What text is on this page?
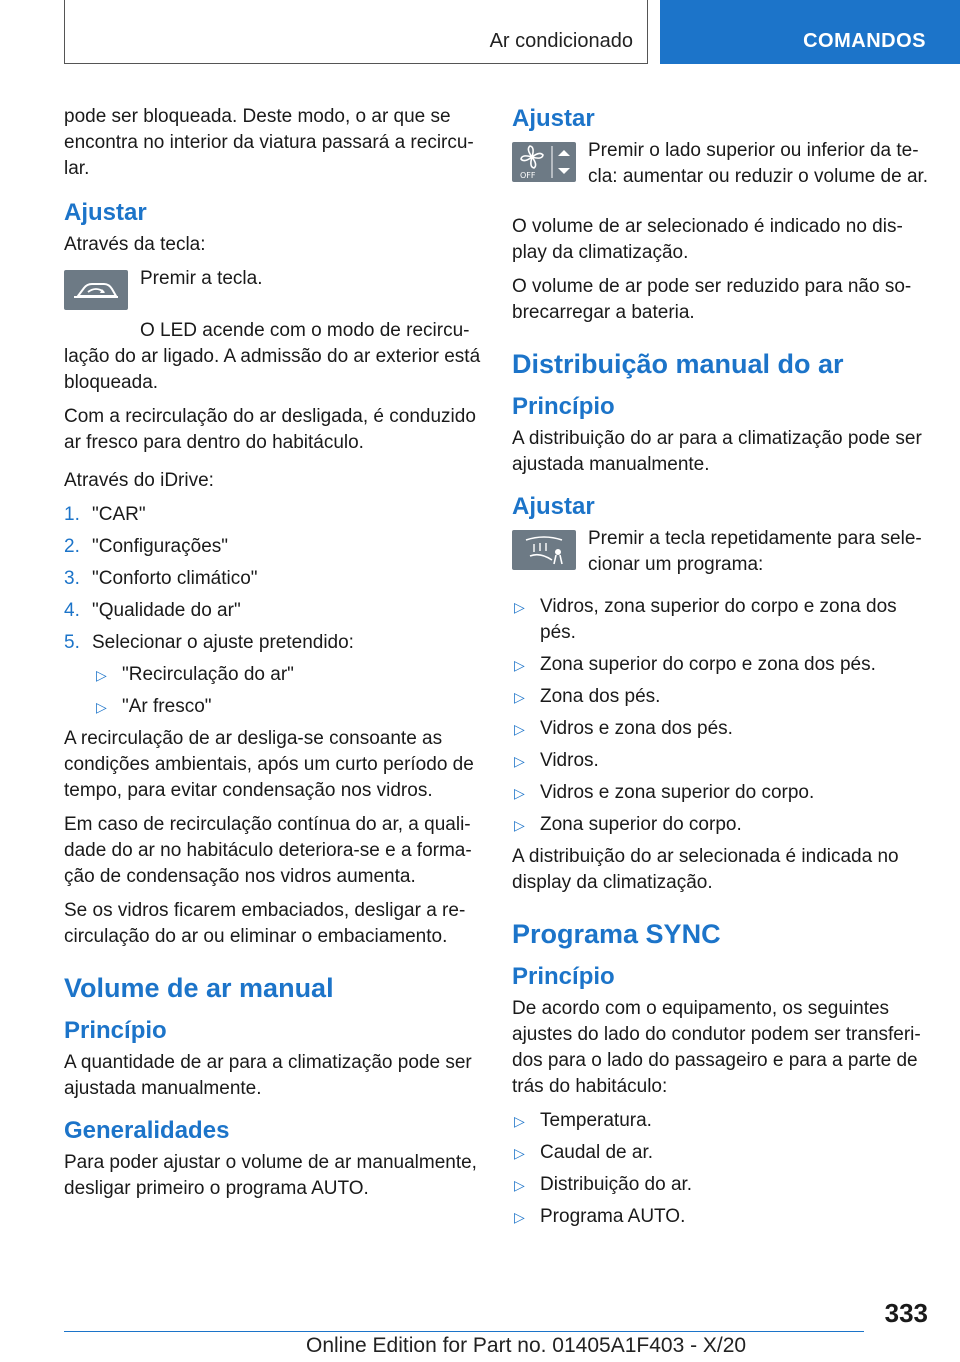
Ar condicionado	COMANDOS

pode ser bloqueada. Deste modo, o ar que se encontra no interior da viatura passará a recircu-lar.

Ajustar

Através da tecla:

Premir a tecla.

O LED acende com o modo de recircu-lação do ar ligado. A admissão do ar exterior está bloqueada.

Com a recirculação do ar desligada, é conduzido ar fresco para dentro do habitáculo.

Através do iDrive:

1. "CAR"
2. "Configurações"
3. "Conforto climático"
4. "Qualidade do ar"
5. Selecionar o ajuste pretendido:
▷ "Recirculação do ar"
▷ "Ar fresco"

A recirculação de ar desliga-se consoante as condições ambientais, após um curto período de tempo, para evitar condensação nos vidros.

Em caso de recirculação contínua do ar, a quali-dade do ar no habitáculo deteriora-se e a forma-ção de condensação nos vidros aumenta.

Se os vidros ficarem embaciados, desligar a re-circulação do ar ou eliminar o embaciamento.

Volume de ar manual
Princípio

A quantidade de ar para a climatização pode ser ajustada manualmente.

Generalidades

Para poder ajustar o volume de ar manualmente, desligar primeiro o programa AUTO.

Ajustar
OFF

Premir o lado superior ou inferior da te-cla: aumentar ou reduzir o volume de ar.

O volume de ar selecionado é indicado no dis-play da climatização.

O volume de ar pode ser reduzido para não so-brecarregar a bateria.

Distribuição manual do ar
Princípio

A distribuição do ar para a climatização pode ser ajustada manualmente.

Ajustar

Premir a tecla repetidamente para sele-cionar um programa:

▷ Vidros, zona superior do corpo e zona dos pés.
▷ Zona superior do corpo e zona dos pés.
▷ Zona dos pés.
▷ Vidros e zona dos pés.
▷ Vidros.
▷ Vidros e zona superior do corpo.
▷ Zona superior do corpo.

A distribuição do ar selecionada é indicada no display da climatização.

Programa SYNC
Princípio

De acordo com o equipamento, os seguintes ajustes do lado do condutor podem ser transferi-dos para o lado do passageiro e para a parte de trás do habitáculo:

▷ Temperatura.
▷ Caudal de ar.
▷ Distribuição do ar.
▷ Programa AUTO.
333
Online Edition for Part no. 01405A1F403 - X/20
